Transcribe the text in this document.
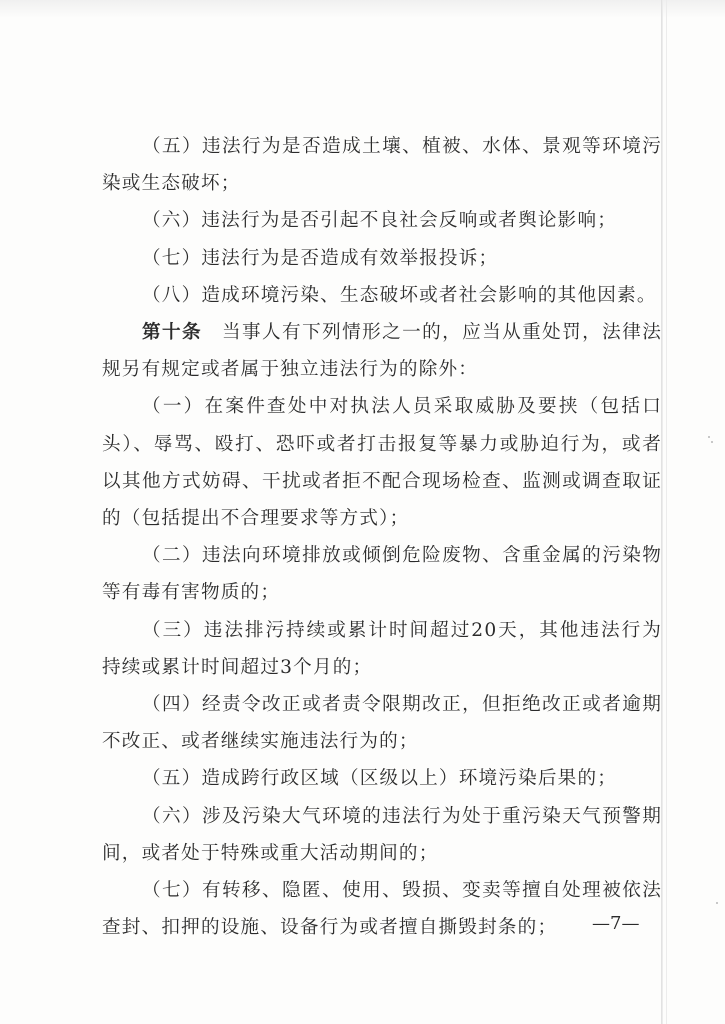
（五）违法行为是否造成土壤、植被、水体、景观等环境污染或生态破坏；

（六）违法行为是否引起不良社会反响或者舆论影响；

（七）违法行为是否造成有效举报投诉；

（八）造成环境污染、生态破坏或者社会影响的其他因素。

第十条　当事人有下列情形之一的，应当从重处罚，法律法规另有规定或者属于独立违法行为的除外：

（一）在案件查处中对执法人员采取威胁及要挟（包括口头）、辱骂、殴打、恐吓或者打击报复等暴力或胁迫行为，或者以其他方式妨碍、干扰或者拒不配合现场检查、监测或调查取证的（包括提出不合理要求等方式）；

（二）违法向环境排放或倾倒危险废物、含重金属的污染物等有毒有害物质的；

（三）违法排污持续或累计时间超过20天，其他违法行为持续或累计时间超过3个月的；

（四）经责令改正或者责令限期改正，但拒绝改正或者逾期不改正、或者继续实施违法行为的；

（五）造成跨行政区域（区级以上）环境污染后果的；

（六）涉及污染大气环境的违法行为处于重污染天气预警期间，或者处于特殊或重大活动期间的；

（七）有转移、隐匿、使用、毁损、变卖等擅自处理被依法查封、扣押的设施、设备行为或者擅自撕毁封条的；	—7—
